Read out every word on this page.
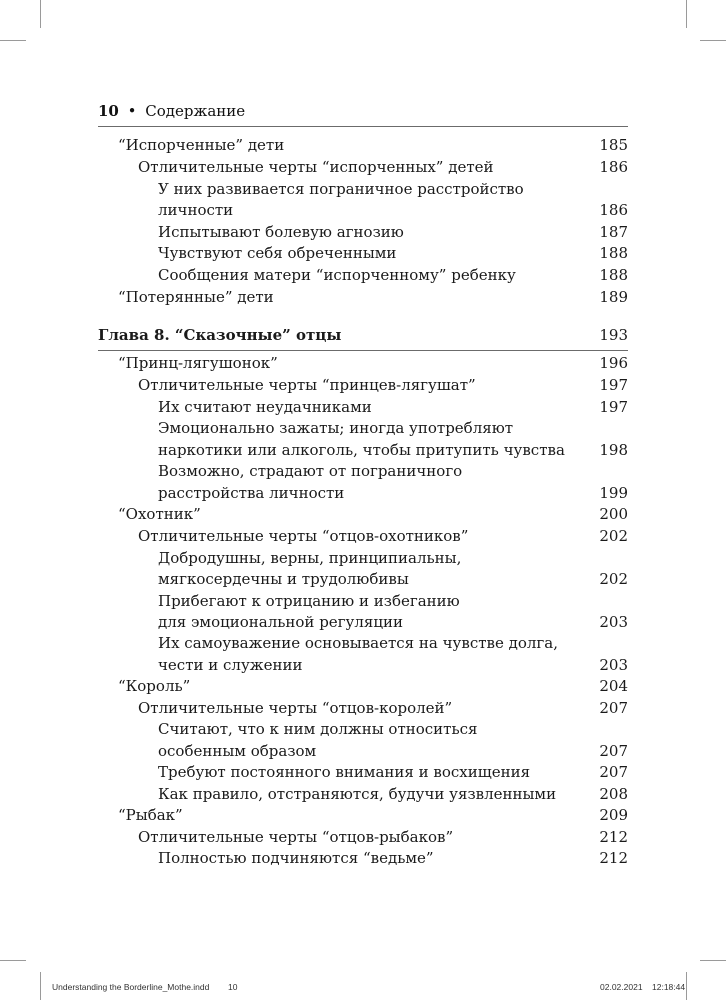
10 • Содержание
“Испорченные” дети	185
Отличительные черты “испорченных” детей	186
У них развивается пограничное расстройство
личности	186
Испытывают болевую агнозию	187
Чувствуют себя обреченными	188
Сообщения матери “испорченному” ребенку	188
“Потерянные” дети	189
Глава 8. “Сказочные” отцы	193
“Принц-лягушонок”	196
Отличительные черты “принцев-лягушат”	197
Их считают неудачниками	197
Эмоционально зажаты; иногда употребляют
наркотики или алкоголь, чтобы притупить чувства	198
Возможно, страдают от пограничного
расстройства личности	199
“Охотник”	200
Отличительные черты “отцов-охотников”	202
Добродушны, верны, принципиальны,
мягкосердечны и трудолюбивы	202
Прибегают к отрицанию и избеганию
для эмоциональной регуляции	203
Их самоуважение основывается на чувстве долга,
чести и служении	203
“Король”	204
Отличительные черты “отцов-королей”	207
Считают, что к ним должны относиться
особенным образом	207
Требуют постоянного внимания и восхищения	207
Как правило, отстраняются, будучи уязвленными	208
“Рыбак”	209
Отличительные черты “отцов-рыбаков”	212
Полностью подчиняются “ведьме”	212
Understanding the Borderline_Mothe.indd 10	02.02.2021 12:18:44
